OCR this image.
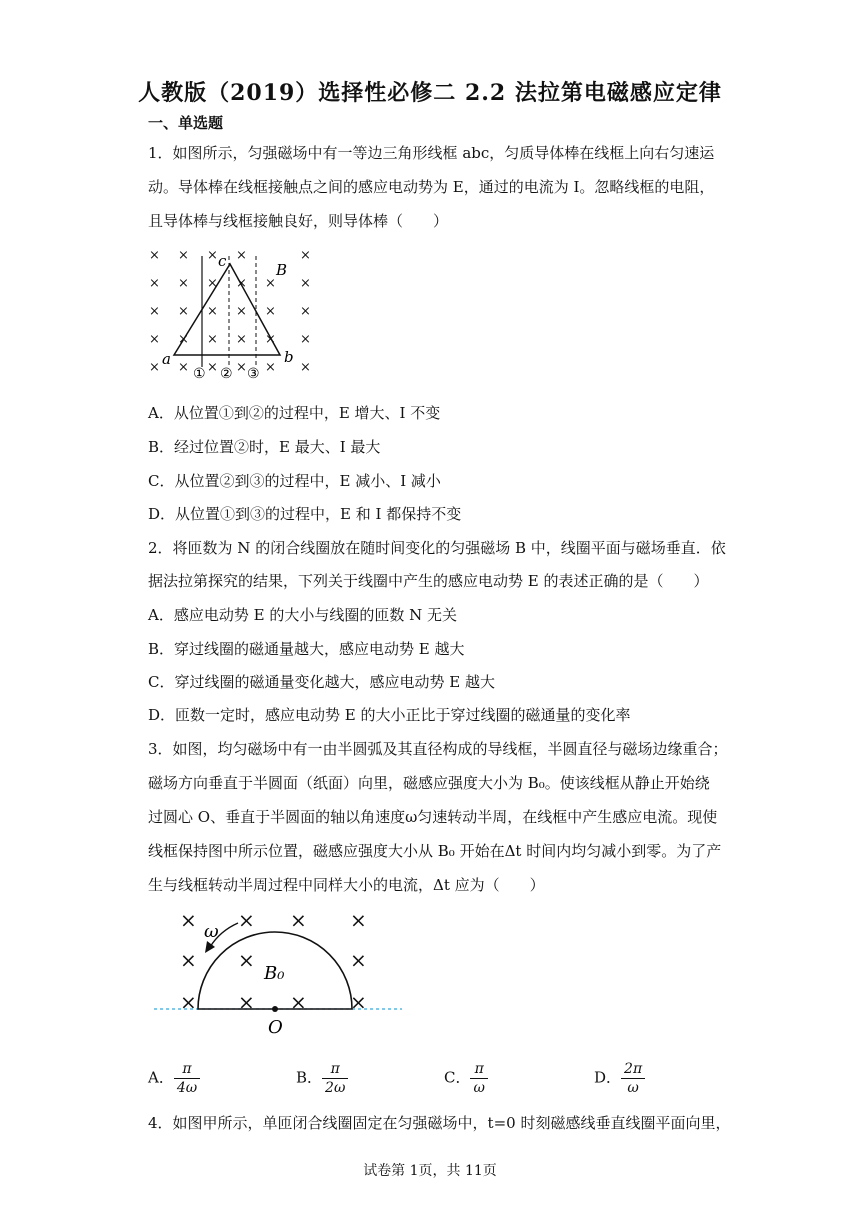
人教版（2019）选择性必修二 2.2 法拉第电磁感应定律
一、单选题
1．如图所示，匀强磁场中有一等边三角形线框 abc，匀质导体棒在线框上向右匀速运
动。导体棒在线框接触点之间的感应电动势为 E，通过的电流为 I。忽略线框的电阻，
且导体棒与线框接触良好，则导体棒（　　）
× × × ×	×
× × × × × ×
× × × × × ×
× × × × × ×
× × × × × ×
c	B
a	b
① ② ③
A．从位置①到②的过程中，E 增大、I 不变
B．经过位置②时，E 最大、I 最大
C．从位置②到③的过程中，E 减小、I 减小
D．从位置①到③的过程中，E 和 I 都保持不变
2．将匝数为 N 的闭合线圈放在随时间变化的匀强磁场 B 中，线圈平面与磁场垂直．依
据法拉第探究的结果，下列关于线圈中产生的感应电动势 E 的表述正确的是（　　）
A．感应电动势 E 的大小与线圈的匝数 N 无关
B．穿过线圈的磁通量越大，感应电动势 E 越大
C．穿过线圈的磁通量变化越大，感应电动势 E 越大
D．匝数一定时，感应电动势 E 的大小正比于穿过线圈的磁通量的变化率
3．如图，均匀磁场中有一由半圆弧及其直径构成的导线框，半圆直径与磁场边缘重合；
磁场方向垂直于半圆面（纸面）向里，磁感应强度大小为 B₀。使该线框从静止开始绕
过圆心 O、垂直于半圆面的轴以角速度ω匀速转动半周，在线框中产生感应电流。现使
线框保持图中所示位置，磁感应强度大小从 B₀ 开始在Δt 时间内均匀减小到零。为了产
生与线框转动半周过程中同样大小的电流，Δt 应为（　　）
× × × ×
× ×	×
× × × ×
ω
B₀
O
A． $\frac{\pi}{4\omega}$	B． $\frac{\pi}{2\omega}$	C． $\frac{\pi}{\omega}$	D． $\frac{2\pi}{\omega}$
4．如图甲所示，单匝闭合线圈固定在匀强磁场中，t=0 时刻磁感线垂直线圈平面向里，
试卷第 1页，共 11页
